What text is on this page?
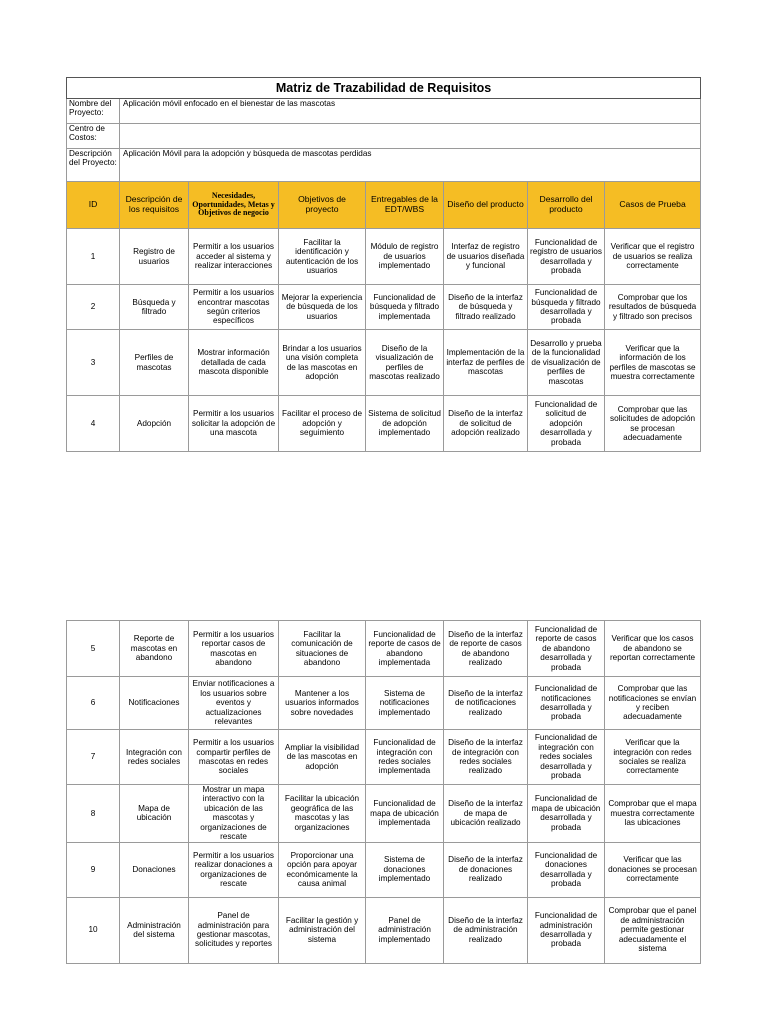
Matriz de Trazabilidad de Requisitos							
Nombre del Proyecto:	Aplicación móvil enfocado en el bienestar de las mascotas						
Centro de Costos:							
Descripción del Proyecto:	Aplicación Móvil para la adopción y búsqueda de mascotas perdidas						
ID	Descripción de los requisitos	Necesidades, Oportunidades, Metas y Objetivos de negocio	Objetivos de proyecto	Entregables de la EDT/WBS	Diseño del producto	Desarrollo del producto	Casos de Prueba
1	Registro de usuarios	Permitir a los usuarios acceder al sistema y realizar interacciones	Facilitar la identificación y autenticación de los usuarios	Módulo de registro de usuarios implementado	Interfaz de registro de usuarios diseñada y funcional	Funcionalidad de registro de usuarios desarrollada y probada	Verificar que el registro de usuarios se realiza correctamente
2	Búsqueda y filtrado	Permitir a los usuarios encontrar mascotas según criterios específicos	Mejorar la experiencia de búsqueda de los usuarios	Funcionalidad de búsqueda y filtrado implementada	Diseño de la interfaz de búsqueda y filtrado realizado	Funcionalidad de búsqueda y filtrado desarrollada y probada	Comprobar que los resultados de búsqueda y filtrado son precisos
3	Perfiles de mascotas	Mostrar información detallada de cada mascota disponible	Brindar a los usuarios una visión completa de las mascotas en adopción	Diseño de la visualización de perfiles de mascotas realizado	Implementación de la interfaz de perfiles de mascotas	Desarrollo y prueba de la funcionalidad de visualización de perfiles de mascotas	Verificar que la información de los perfiles de mascotas se muestra correctamente
4	Adopción	Permitir a los usuarios solicitar la adopción de una mascota	Facilitar el proceso de adopción y seguimiento	Sistema de solicitud de adopción implementado	Diseño de la interfaz de solicitud de adopción realizado	Funcionalidad de solicitud de adopción desarrollada y probada	Comprobar que las solicitudes de adopción se procesan adecuadamente
5	Reporte de mascotas en abandono	Permitir a los usuarios reportar casos de mascotas en abandono	Facilitar la comunicación de situaciones de abandono	Funcionalidad de reporte de casos de abandono implementada	Diseño de la interfaz de reporte de casos de abandono realizado	Funcionalidad de reporte de casos de abandono desarrollada y probada	Verificar que los casos de abandono se reportan correctamente
6	Notificaciones	Enviar notificaciones a los usuarios sobre eventos y actualizaciones relevantes	Mantener a los usuarios informados sobre novedades	Sistema de notificaciones implementado	Diseño de la interfaz de notificaciones realizado	Funcionalidad de notificaciones desarrollada y probada	Comprobar que las notificaciones se envían y reciben adecuadamente
7	Integración con redes sociales	Permitir a los usuarios compartir perfiles de mascotas en redes sociales	Ampliar la visibilidad de las mascotas en adopción	Funcionalidad de integración con redes sociales implementada	Diseño de la interfaz de integración con redes sociales realizado	Funcionalidad de integración con redes sociales desarrollada y probada	Verificar que la integración con redes sociales se realiza correctamente
8	Mapa de ubicación	Mostrar un mapa interactivo con la ubicación de las mascotas y organizaciones de rescate	Facilitar la ubicación geográfica de las mascotas y las organizaciones	Funcionalidad de mapa de ubicación implementada	Diseño de la interfaz de mapa de ubicación realizado	Funcionalidad de mapa de ubicación desarrollada y probada	Comprobar que el mapa muestra correctamente las ubicaciones
9	Donaciones	Permitir a los usuarios realizar donaciones a organizaciones de rescate	Proporcionar una opción para apoyar económicamente la causa animal	Sistema de donaciones implementado	Diseño de la interfaz de donaciones realizado	Funcionalidad de donaciones desarrollada y probada	Verificar que las donaciones se procesan correctamente
10	Administración del sistema	Panel de administración para gestionar mascotas, solicitudes y reportes	Facilitar la gestión y administración del sistema	Panel de administración implementado	Diseño de la interfaz de administración realizado	Funcionalidad de administración desarrollada y probada	Comprobar que el panel de administración permite gestionar adecuadamente el sistema
